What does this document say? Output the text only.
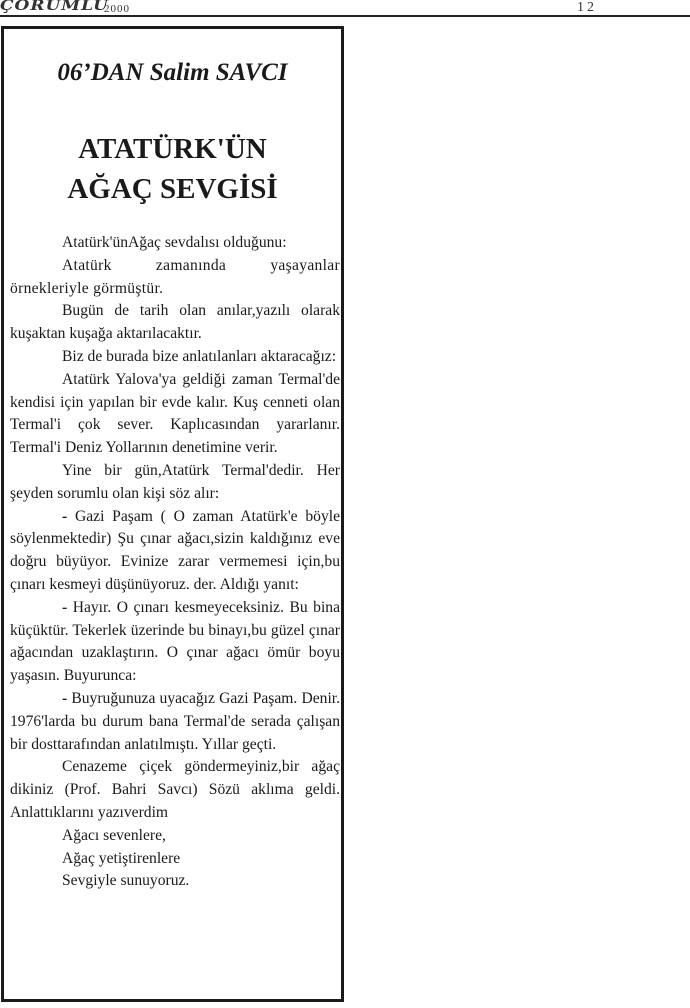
ÇORUMLU
2000	12
06’DAN Salim SAVCI
ATATÜRK'ÜN
AĞAÇ SEVGİSİ

Atatürk'ünAğaç sevdalısı olduğunu:

Atatürk zamanında yaşayanlar örnekleriyle görmüştür.

Bugün de tarih olan anılar,yazılı olarak kuşaktan kuşağa aktarılacaktır.

Biz de burada bize anlatılanları aktaracağız:

Atatürk Yalova'ya geldiği zaman Termal'de kendisi için yapılan bir evde kalır. Kuş cenneti olan Termal'i çok sever. Kaplıcasından yararlanır. Termal'i Deniz Yollarının denetimine verir.

Yine bir gün,Atatürk Termal'dedir. Her şeyden sorumlu olan kişi söz alır:

- Gazi Paşam ( O zaman Atatürk'e böyle söylenmektedir) Şu çınar ağacı,sizin kaldığınız eve doğru büyüyor. Evinize zarar vermemesi için,bu çınarı kesmeyi düşünüyoruz. der. Aldığı yanıt:

- Hayır. O çınarı kesmeyeceksiniz. Bu bina küçüktür. Tekerlek üzerinde bu binayı,bu güzel çınar ağacından uzaklaştırın. O çınar ağacı ömür boyu yaşasın. Buyurunca:

- Buyruğunuza uyacağız Gazi Paşam. Denir. 1976'larda bu durum bana Termal'de serada çalışan bir dosttarafından anlatılmıştı. Yıllar geçti.

Cenazeme çiçek göndermeyiniz,bir ağaç dikiniz (Prof. Bahri Savcı) Sözü aklıma geldi. Anlattıklarını yazıverdim

Ağacı sevenlere,

Ağaç yetiştirenlere

Sevgiyle sunuyoruz.
